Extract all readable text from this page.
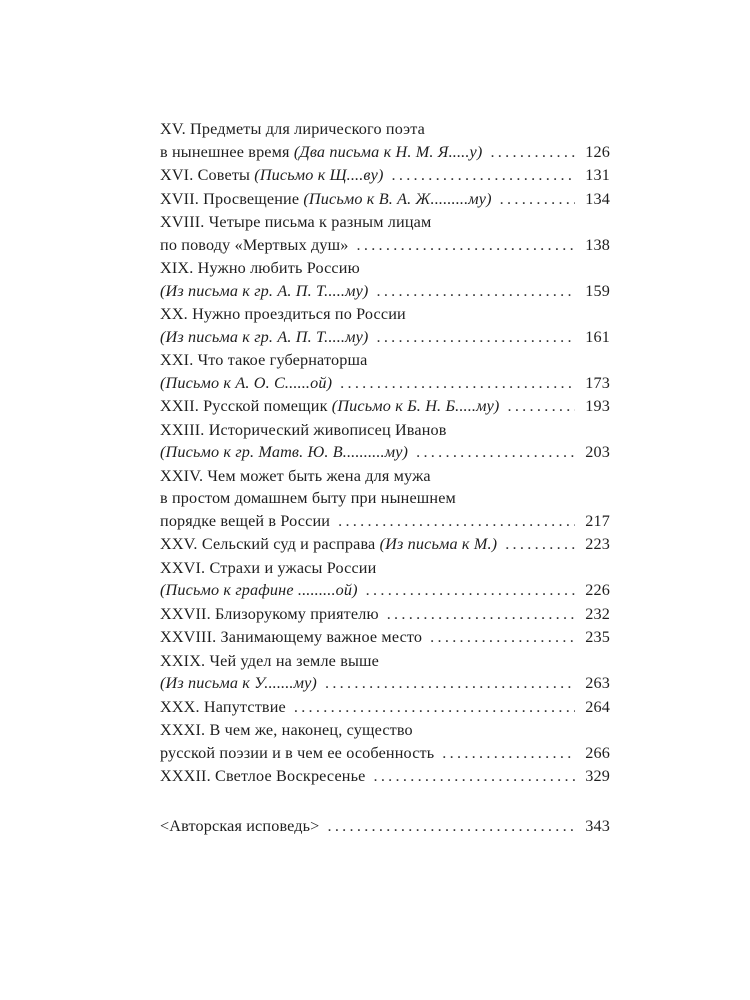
XV. Предметы для лирического поэта
в нынешнее время (Два письма к Н. М. Я.....у) .....	126
XVI. Советы (Письмо к Щ....ву) .....	131
XVII. Просвещение (Письмо к В. А. Ж.........му) .....	134
XVIII. Четыре письма к разным лицам
по поводу «Мертвых душ» .....	138
XIX. Нужно любить Россию
(Из письма к гр. А. П. Т.....му) .....	159
XX. Нужно проездиться по России
(Из письма к гр. А. П. Т.....му) .....	161
XXI. Что такое губернаторша
(Письмо к А. О. С......ой) .....	173
XXII. Русской помещик (Письмо к Б. Н. Б.....му) .....	193
XXIII. Исторический живописец Иванов
(Письмо к гр. Матв. Ю. В..........му) .....	203
XXIV. Чем может быть жена для мужа
в простом домашнем быту при нынешнем
порядке вещей в России .....	217
XXV. Сельский суд и расправа (Из письма к М.) .....	223
XXVI. Страхи и ужасы России
(Письмо к графине .........ой) .....	226
XXVII. Близорукому приятелю .....	232
XXVIII. Занимающему важное место .....	235
XXIX. Чей удел на земле выше
(Из письма к У.......му) .....	263
XXX. Напутствие .....	264
XXXI. В чем же, наконец, существо
русской поэзии и в чем ее особенность .....	266
XXXII. Светлое Воскресенье .....	329
<Авторская исповедь> .....	343
